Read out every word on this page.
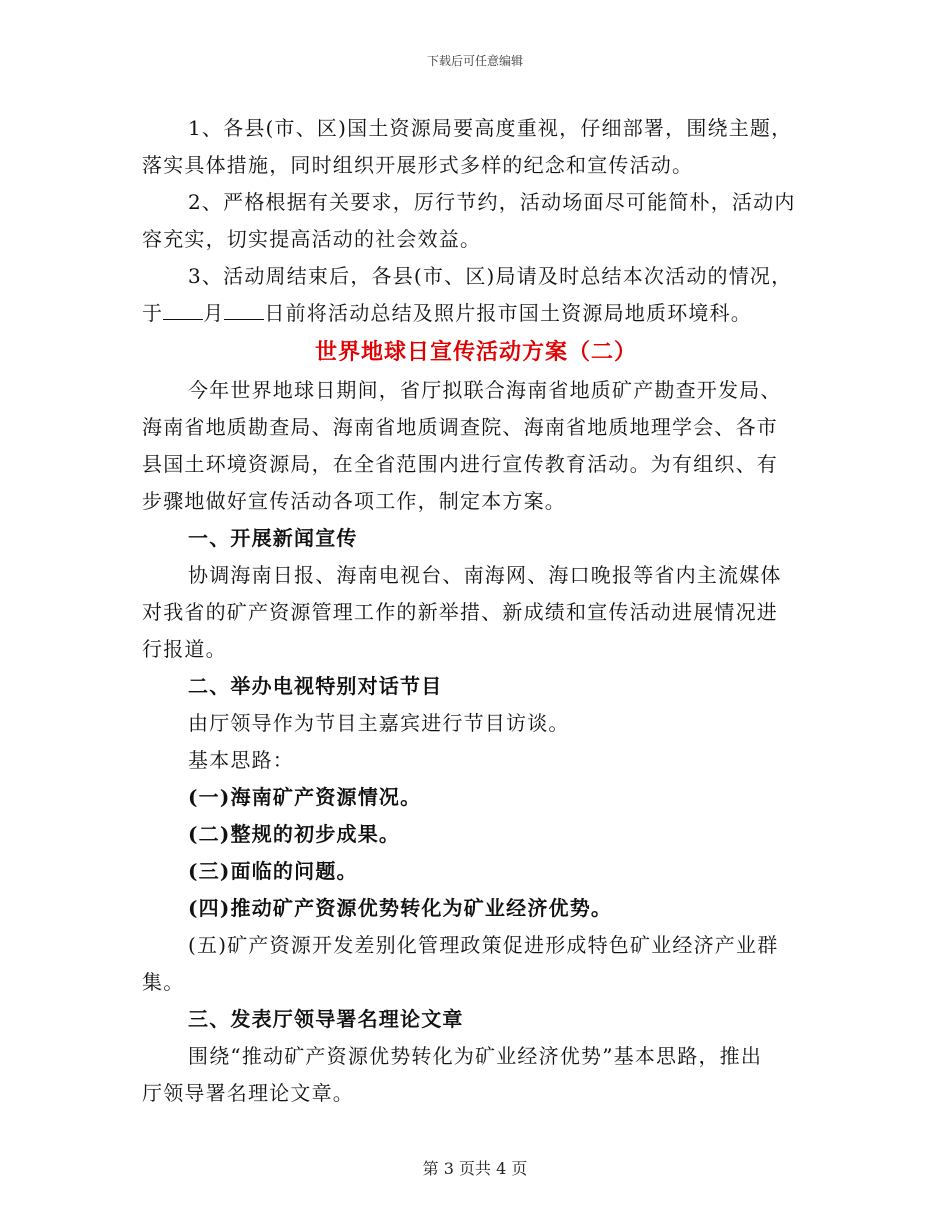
下载后可任意编辑
1、各县(市、区)国土资源局要高度重视，仔细部署，围绕主题，
落实具体措施，同时组织开展形式多样的纪念和宣传活动。
2、严格根据有关要求，厉行节约，活动场面尽可能简朴，活动内
容充实，切实提高活动的社会效益。
3、活动周结束后，各县(市、区)局请及时总结本次活动的情况，
于 月 日前将活动总结及照片报市国土资源局地质环境科。
世界地球日宣传活动方案（二）
今年世界地球日期间，省厅拟联合海南省地质矿产勘查开发局、
海南省地质勘查局、海南省地质调查院、海南省地质地理学会、各市
县国土环境资源局，在全省范围内进行宣传教育活动。为有组织、有
步骤地做好宣传活动各项工作，制定本方案。
一、开展新闻宣传
协调海南日报、海南电视台、南海网、海口晚报等省内主流媒体
对我省的矿产资源管理工作的新举措、新成绩和宣传活动进展情况进
行报道。
二、举办电视特别对话节目
由厅领导作为节目主嘉宾进行节目访谈。
基本思路：
(一)海南矿产资源情况。
(二)整规的初步成果。
(三)面临的问题。
(四)推动矿产资源优势转化为矿业经济优势。
(五)矿产资源开发差别化管理政策促进形成特色矿业经济产业群
集。
三、发表厅领导署名理论文章
围绕“推动矿产资源优势转化为矿业经济优势”基本思路，推出
厅领导署名理论文章。
第 3 页共 4 页
